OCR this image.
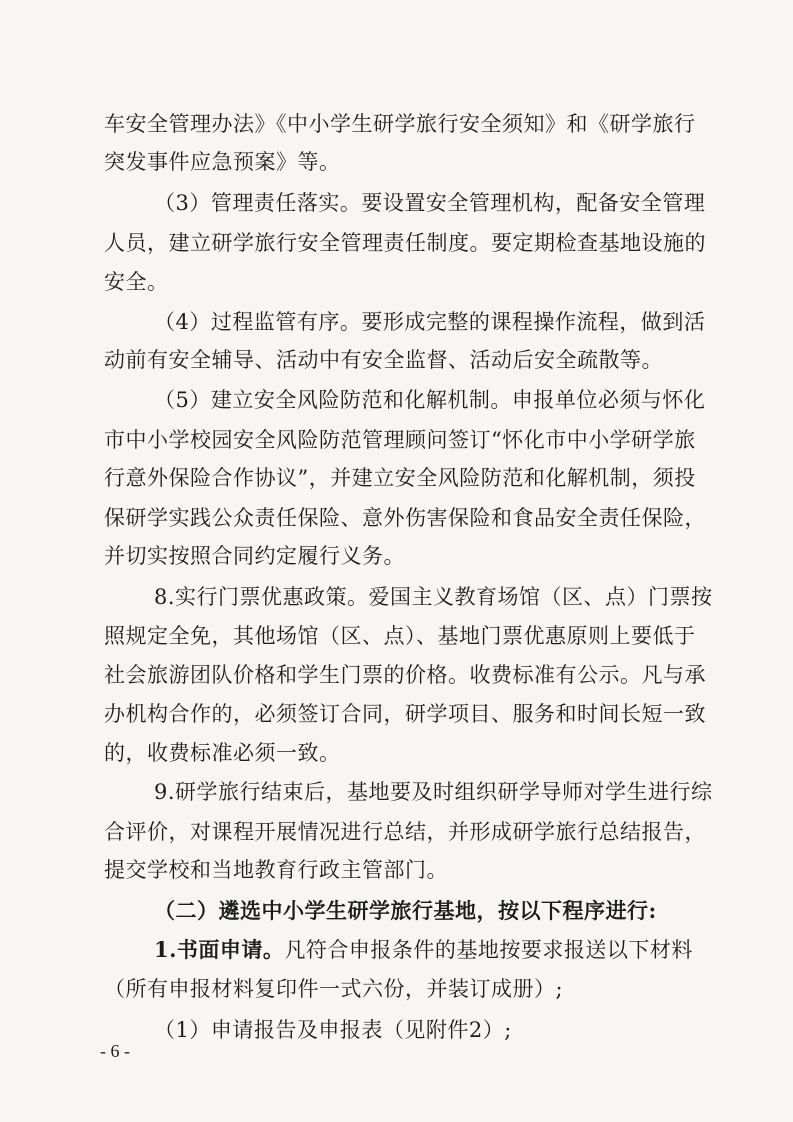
车安全管理办法》《中小学生研学旅行安全须知》和《研学旅行
突发事件应急预案》等。
（3）管理责任落实。要设置安全管理机构，配备安全管理
人员，建立研学旅行安全管理责任制度。要定期检查基地设施的
安全。
（4）过程监管有序。要形成完整的课程操作流程，做到活
动前有安全辅导、活动中有安全监督、活动后安全疏散等。
（5）建立安全风险防范和化解机制。申报单位必须与怀化
市中小学校园安全风险防范管理顾问签订“怀化市中小学研学旅
行意外保险合作协议”，并建立安全风险防范和化解机制，须投
保研学实践公众责任保险、意外伤害保险和食品安全责任保险，
并切实按照合同约定履行义务。
8.实行门票优惠政策。爱国主义教育场馆（区、点）门票按
照规定全免，其他场馆（区、点）、基地门票优惠原则上要低于
社会旅游团队价格和学生门票的价格。收费标准有公示。凡与承
办机构合作的，必须签订合同，研学项目、服务和时间长短一致
的，收费标准必须一致。
9.研学旅行结束后，基地要及时组织研学导师对学生进行综
合评价，对课程开展情况进行总结，并形成研学旅行总结报告，
提交学校和当地教育行政主管部门。
（二）遴选中小学生研学旅行基地，按以下程序进行:
1.书面申请。凡符合申报条件的基地按要求报送以下材料
（所有申报材料复印件一式六份，并装订成册）;
（1）申请报告及申报表（见附件2）;
- 6 -
